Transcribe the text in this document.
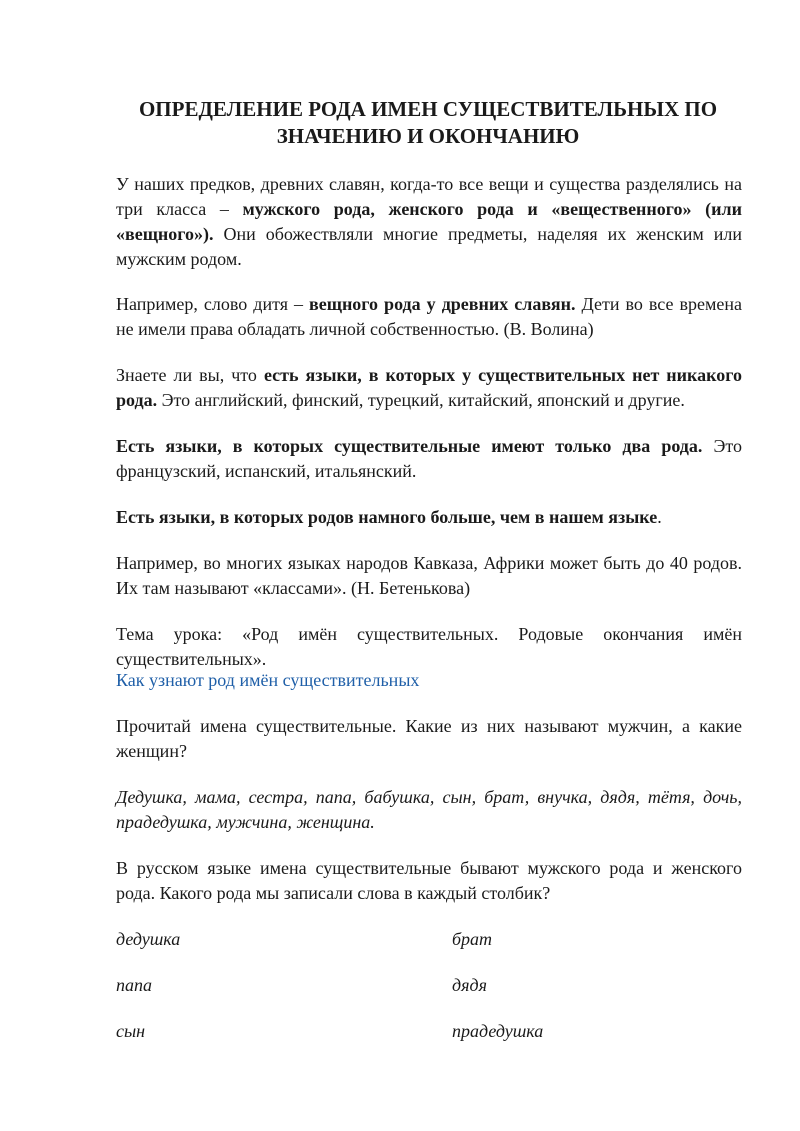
ОПРЕДЕЛЕНИЕ РОДА ИМЕН СУЩЕСТВИТЕЛЬНЫХ ПО ЗНАЧЕНИЮ И ОКОНЧАНИЮ

У наших предков, древних славян, когда-то все вещи и существа разделялись на три класса – мужского рода, женского рода и «вещественного» (или «вещного»). Они обожествляли многие предметы, наделяя их женским или мужским родом.

Например, слово дитя – вещного рода у древних славян. Дети во все времена не имели права обладать личной собственностью. (В. Волина)

Знаете ли вы, что есть языки, в которых у существительных нет никакого рода. Это английский, финский, турецкий, китайский, японский и другие.

Есть языки, в которых существительные имеют только два рода. Это французский, испанский, итальянский.

Есть языки, в которых родов намного больше, чем в нашем языке.

Например, во многих языках народов Кавказа, Африки может быть до 40 родов. Их там называют «классами». (Н. Бетенькова)

Тема урока: «Род имён существительных. Родовые окончания имён существительных».

Как узнают род имён существительных

Прочитай имена существительные. Какие из них называют мужчин, а какие женщин?

Дедушка, мама, сестра, папа, бабушка, сын, брат, внучка, дядя, тётя, дочь, прадедушка, мужчина, женщина.

В русском языке имена существительные бывают мужского рода и женского рода. Какого рода мы записали слова в каждый столбик?

дедушка	брат

папа	дядя

сын	прадедушка
